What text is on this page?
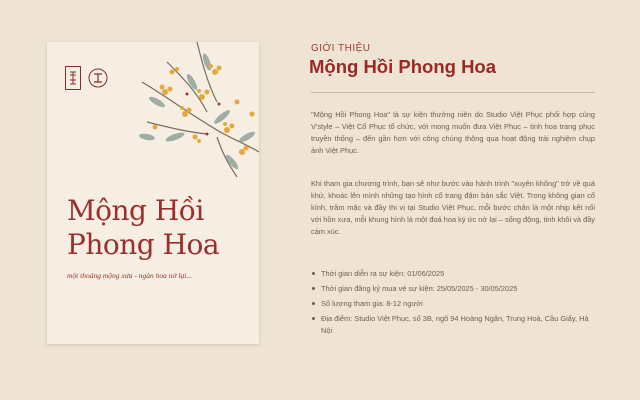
Mộng Hồi
Phong Hoa
một thoáng mộng xưa - ngàn hoa nở lại...
GIỚI THIỆU
Mộng Hồi Phong Hoa

"Mộng Hồi Phong Hoa" là sự kiện thường niên do Studio Việt Phục phối hợp cùng V'style – Việt Cổ Phục tổ chức, với mong muốn đưa Việt Phục – tinh hoa trang phục truyền thống – đến gần hơn với công chúng thông qua hoạt động trải nghiệm chụp ảnh Việt Phục.

Khi tham gia chương trình, bạn sẽ như bước vào hành trình "xuyên không" trở về quá khứ, khoác lên mình những tạo hình cổ trang đậm bản sắc Việt. Trong không gian cổ kính, trầm mặc và đầy thi vị tại Studio Việt Phục, mỗi bước chân là một nhịp kết nối với hồn xưa, mỗi khung hình là một đoá hoa ký ức nở lại – sống động, tinh khôi và đầy cảm xúc.

Thời gian diễn ra sự kiện: 01/06/2025
Thời gian đăng ký mua vé sự kiện: 25/05/2025 - 30/05/2025
Số lượng tham gia: 8-12 người
Địa điểm: Studio Việt Phục, số 3B, ngõ 94 Hoàng Ngân, Trung Hoà, Cầu Giấy, Hà Nội
